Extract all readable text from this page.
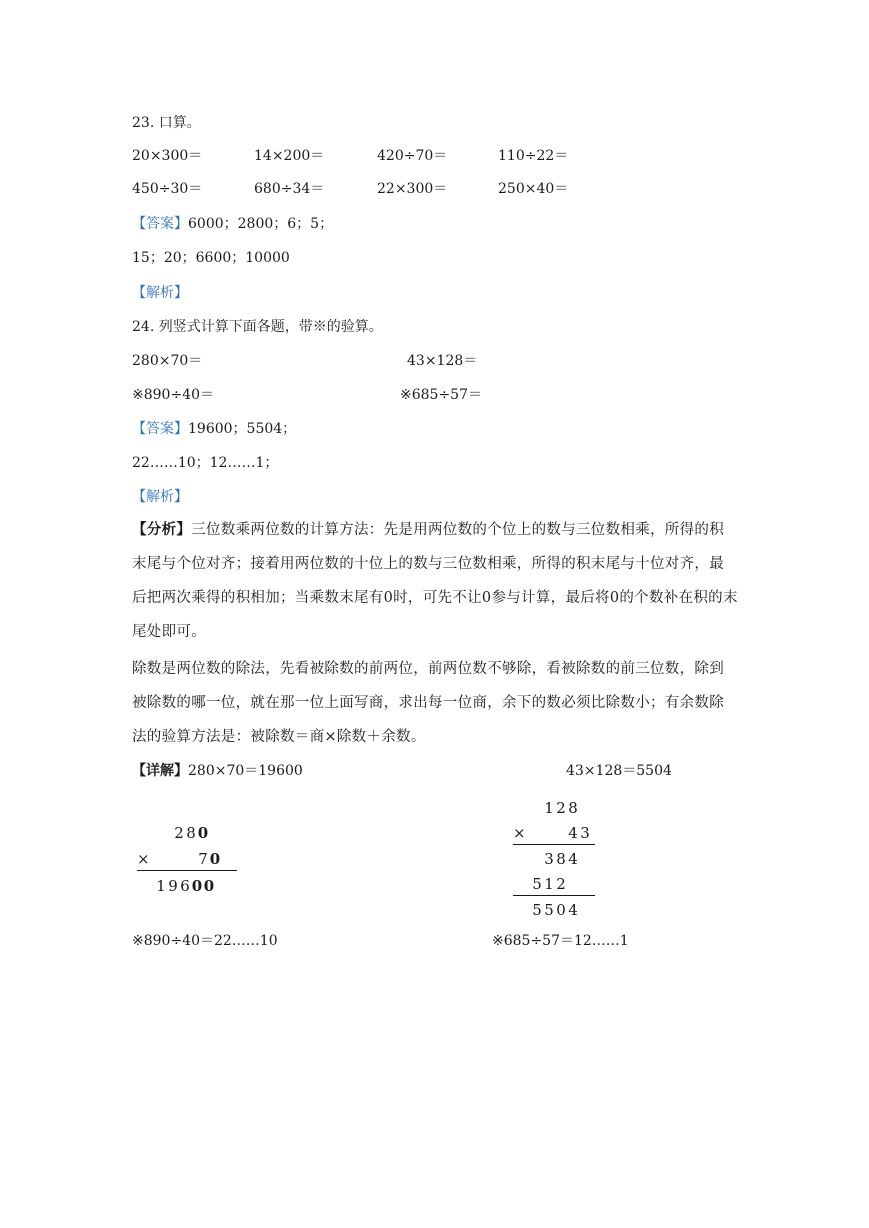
23. 口算。
20×300＝	14×200＝	420÷70＝	110÷22＝
450÷30＝	680÷34＝	22×300＝	250×40＝
【答案】6000；2800；6；5；
15；20；6600；10000
【解析】
24. 列竖式计算下面各题，带※的验算。
280×70＝	43×128＝
※890÷40＝	※685÷57＝
【答案】19600；5504；
22……10；12……1；
【解析】

【分析】三位数乘两位数的计算方法：先是用两位数的个位上的数与三位数相乘，所得的积末尾与个位对齐；接着用两位数的十位上的数与三位数相乘，所得的积末尾与十位对齐，最后把两次乘得的积相加；当乘数末尾有0时，可先不让0参与计算，最后将0的个数补在积的末尾处即可。

除数是两位数的除法，先看被除数的前两位，前两位数不够除，看被除数的前三位数，除到被除数的哪一位，就在那一位上面写商，求出每一位商，余下的数必须比除数小；有余数除法的验算方法是：被除数＝商×除数＋余数。

【详解】280×70＝19600	43×128＝5504
2 8 0
×	7 0
1 9 6 0 0
1 2 8
×	4 3
3 8 4
5 1 2
5 5 0 4
※890÷40＝22……10	※685÷57＝12……1
